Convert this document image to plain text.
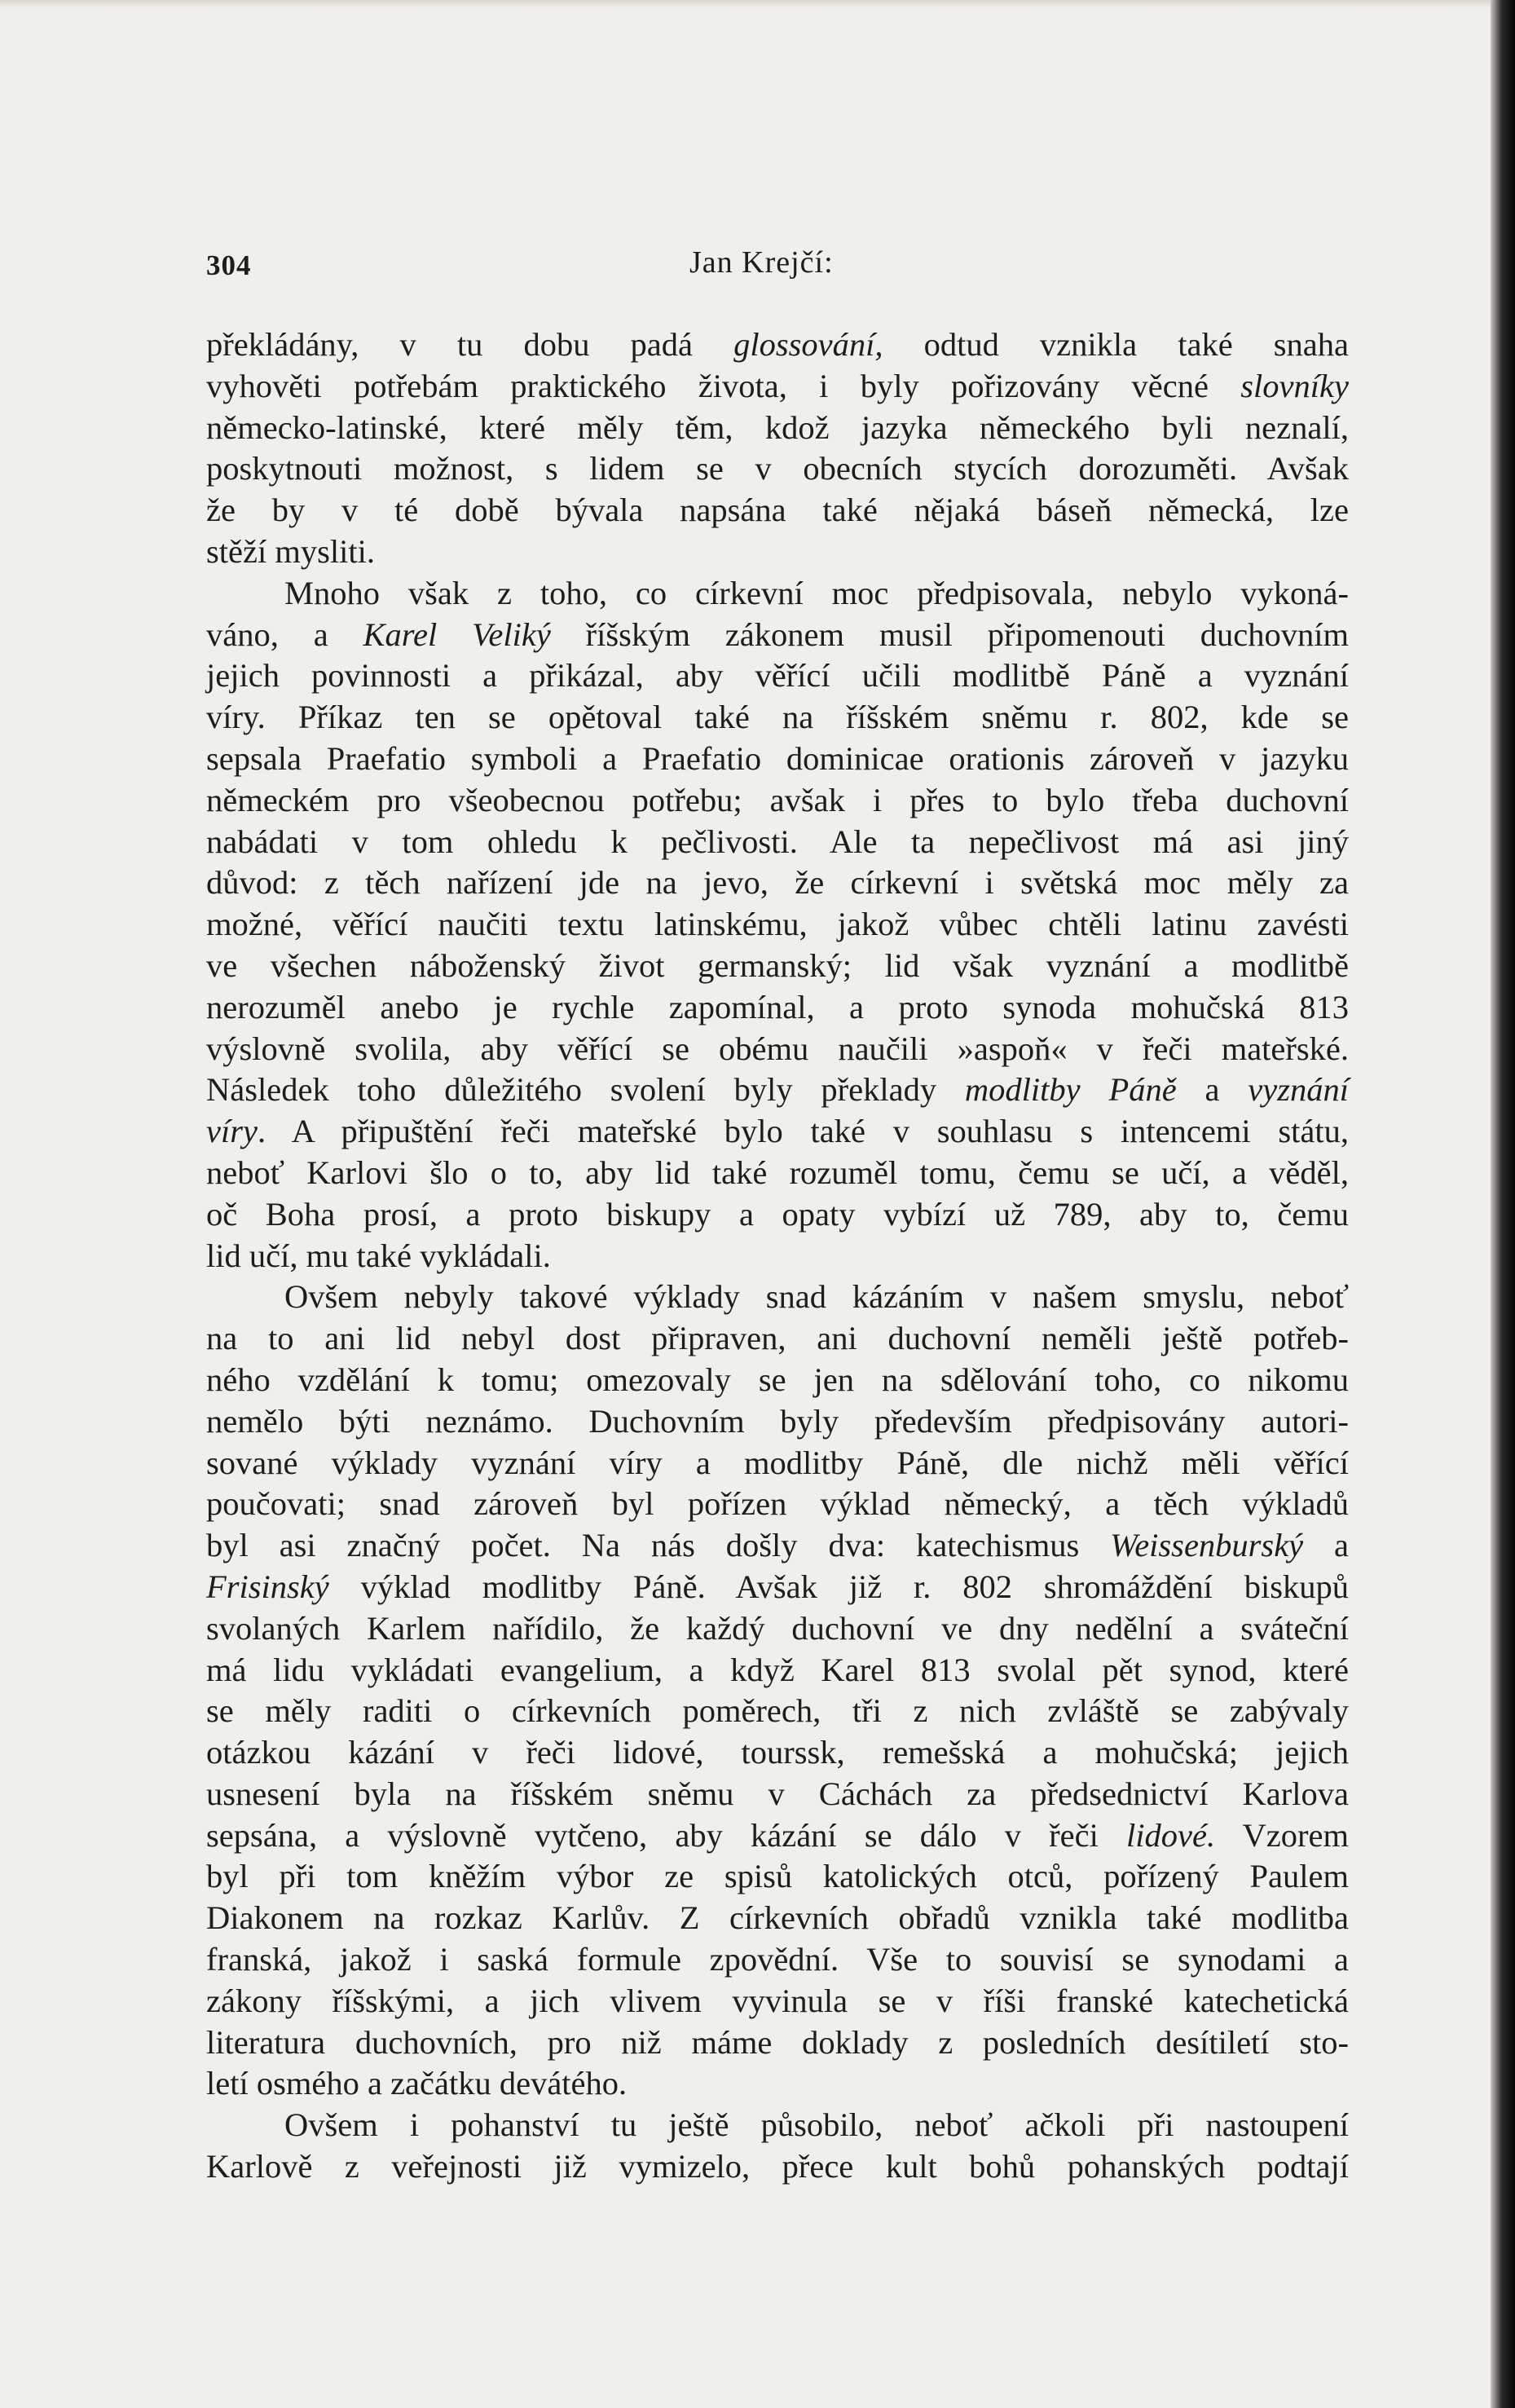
304	Jan Krejčí:
překládány, v tu dobu padá glossování, odtud vznikla také snaha
vyhověti potřebám praktického života, i byly pořizovány věcné slovníky
německo-latinské, které měly těm, kdož jazyka německého byli neznalí,
poskytnouti možnost, s lidem se v obecních stycích dorozuměti. Avšak
že by v té době bývala napsána také nějaká báseň německá, lze
stěží mysliti.
Mnoho však z toho, co církevní moc předpisovala, nebylo vykoná-
váno, a Karel Veliký říšským zákonem musil připomenouti duchovním
jejich povinnosti a přikázal, aby věřící učili modlitbě Páně a vyznání
víry. Příkaz ten se opětoval také na říšském sněmu r. 802, kde se
sepsala Praefatio symboli a Praefatio dominicae orationis zároveň v jazyku
německém pro všeobecnou potřebu; avšak i přes to bylo třeba duchovní
nabádati v tom ohledu k pečlivosti. Ale ta nepečlivost má asi jiný
důvod: z těch nařízení jde na jevo, že církevní i světská moc měly za
možné, věřící naučiti textu latinskému, jakož vůbec chtěli latinu zavésti
ve všechen náboženský život germanský; lid však vyznání a modlitbě
nerozuměl anebo je rychle zapomínal, a proto synoda mohučská 813
výslovně svolila, aby věřící se obému naučili »aspoň« v řeči mateřské.
Následek toho důležitého svolení byly překlady modlitby Páně a vyznání
víry. A připuštění řeči mateřské bylo také v souhlasu s intencemi státu,
neboť Karlovi šlo o to, aby lid také rozuměl tomu, čemu se učí, a věděl,
oč Boha prosí, a proto biskupy a opaty vybízí už 789, aby to, čemu
lid učí, mu také vykládali.
Ovšem nebyly takové výklady snad kázáním v našem smyslu, neboť
na to ani lid nebyl dost připraven, ani duchovní neměli ještě potřeb-
ného vzdělání k tomu; omezovaly se jen na sdělování toho, co nikomu
nemělo býti neznámo. Duchovním byly především předpisovány autori-
sované výklady vyznání víry a modlitby Páně, dle nichž měli věřící
poučovati; snad zároveň byl pořízen výklad německý, a těch výkladů
byl asi značný počet. Na nás došly dva: katechismus Weissenburský a
Frisinský výklad modlitby Páně. Avšak již r. 802 shromáždění biskupů
svolaných Karlem nařídilo, že každý duchovní ve dny nedělní a sváteční
má lidu vykládati evangelium, a když Karel 813 svolal pět synod, které
se měly raditi o církevních poměrech, tři z nich zvláště se zabývaly
otázkou kázání v řeči lidové, tourssk, remešská a mohučská; jejich
usnesení byla na říšském sněmu v Cáchách za předsednictví Karlova
sepsána, a výslovně vytčeno, aby kázání se dálo v řeči lidové. Vzorem
byl při tom kněžím výbor ze spisů katolických otců, pořízený Paulem
Diakonem na rozkaz Karlův. Z církevních obřadů vznikla také modlitba
franská, jakož i saská formule zpovědní. Vše to souvisí se synodami a
zákony říšskými, a jich vlivem vyvinula se v říši franské katechetická
literatura duchovních, pro niž máme doklady z posledních desítiletí sto-
letí osmého a začátku devátého.
Ovšem i pohanství tu ještě působilo, neboť ačkoli při nastoupení
Karlově z veřejnosti již vymizelo, přece kult bohů pohanských podtají
